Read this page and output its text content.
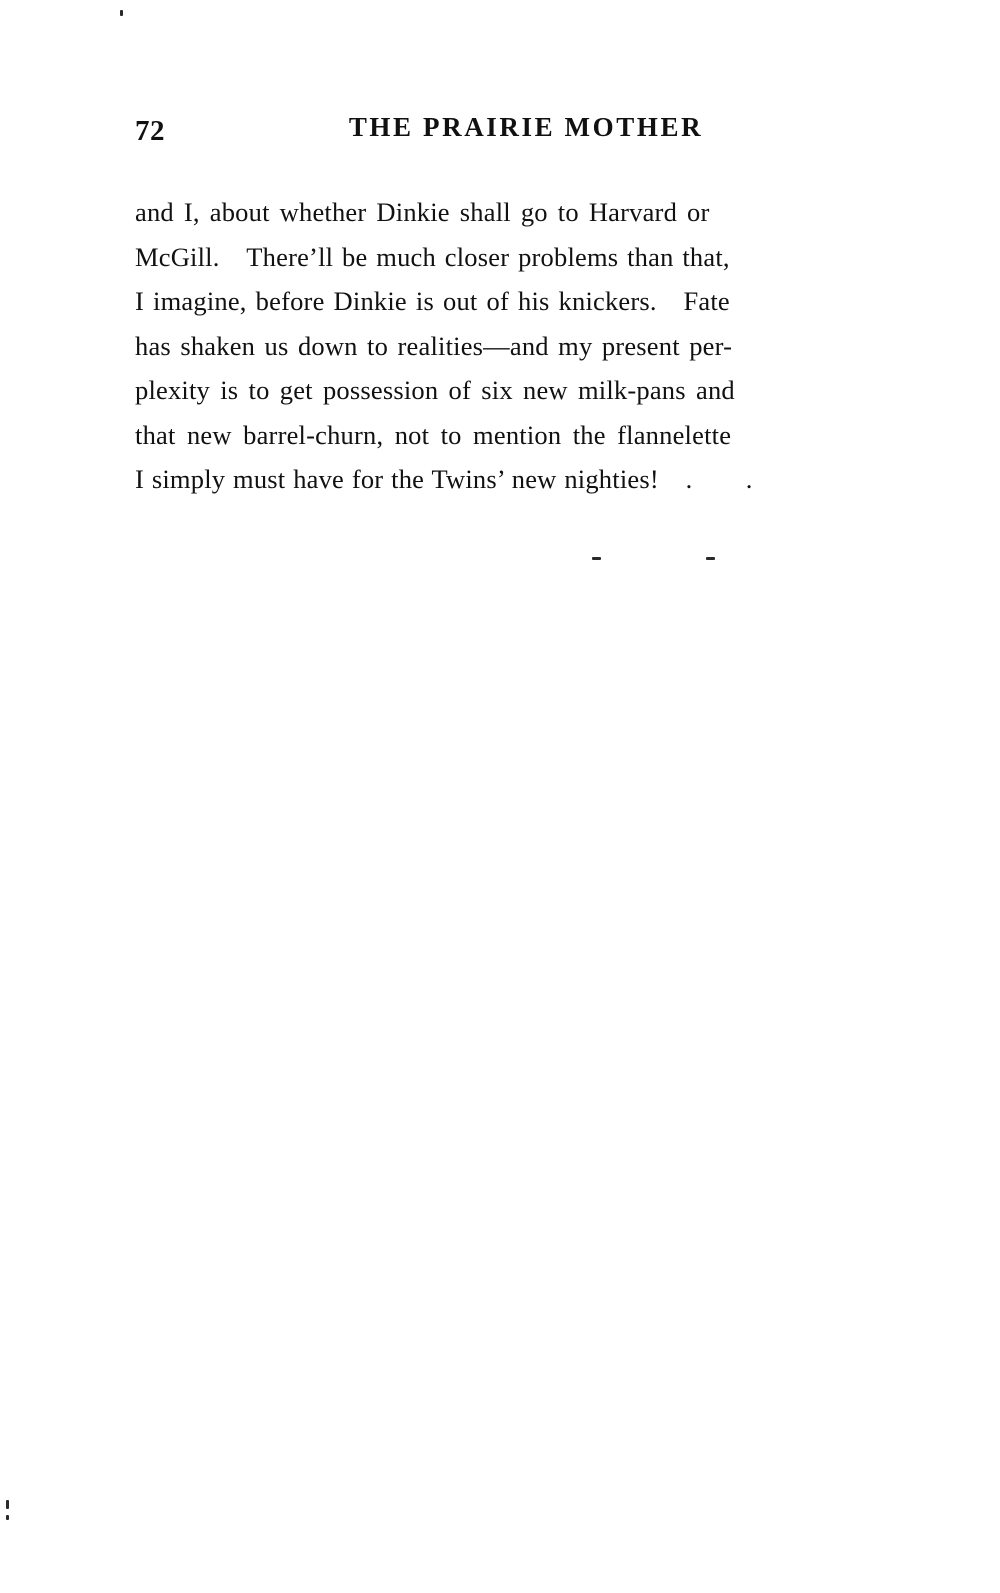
72	THE PRAIRIE MOTHER
and I, about whether Dinkie shall go to Harvard or
McGill. There’ll be much closer problems than that,
I imagine, before Dinkie is out of his knickers. Fate
has shaken us down to realities—and my present per-
plexity is to get possession of six new milk-pans and
that new barrel-churn, not to mention the flannelette
I simply must have for the Twins’ new nighties! .  .
